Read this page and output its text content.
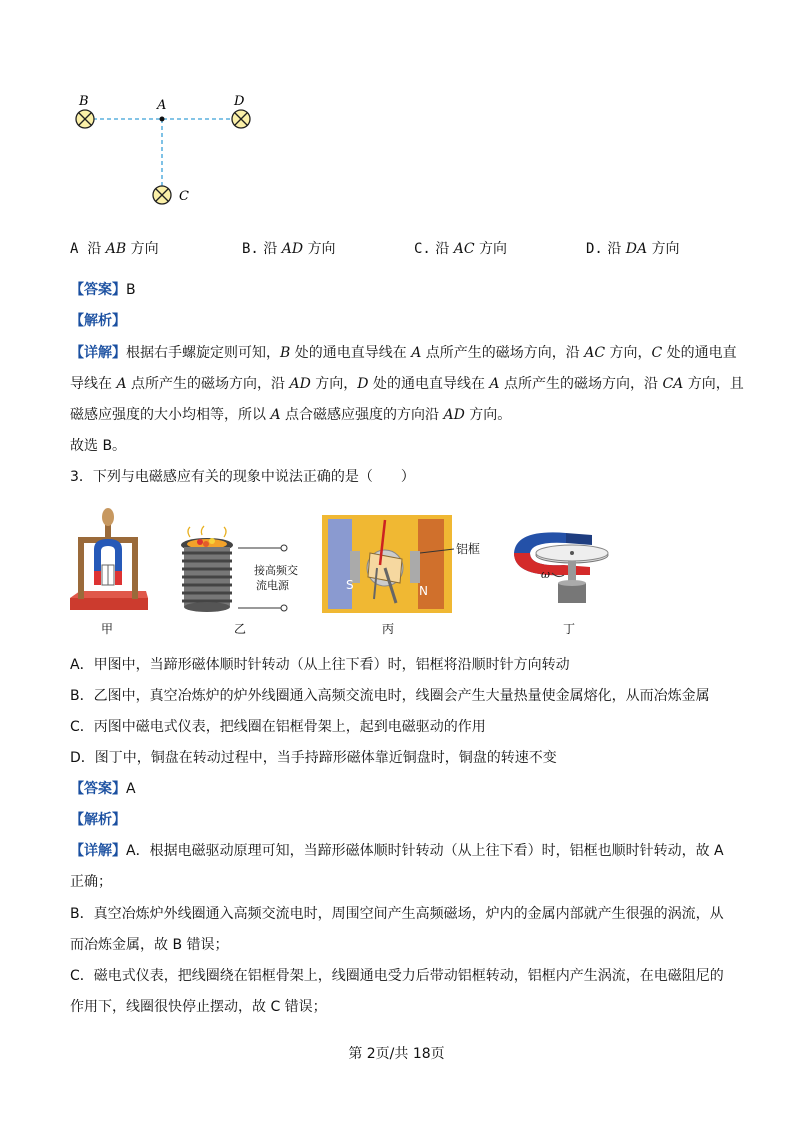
B	A	D
C
A 沿 AB 方向	B. 沿 AD 方向	C. 沿 AC 方向	D. 沿 DA 方向
【答案】B
【解析】
【详解】根据右手螺旋定则可知，B 处的通电直导线在 A 点所产生的磁场方向，沿 AC 方向，C 处的通电直
导线在 A 点所产生的磁场方向，沿 AD 方向，D 处的通电直导线在 A 点所产生的磁场方向，沿 CA 方向，且
磁感应强度的大小均相等，所以 A 点合磁感应强度的方向沿 AD 方向。
故选 B。
3．下列与电磁感应有关的现象中说法正确的是（　　）
甲
接高频交
流电源
乙
S	N
铝框
丙
ω
丁
A．甲图中，当蹄形磁体顺时针转动（从上往下看）时，铝框将沿顺时针方向转动
B．乙图中，真空冶炼炉的炉外线圈通入高频交流电时，线圈会产生大量热量使金属熔化，从而冶炼金属
C．丙图中磁电式仪表，把线圈在铝框骨架上，起到电磁驱动的作用
D．图丁中，铜盘在转动过程中，当手持蹄形磁体靠近铜盘时，铜盘的转速不变
【答案】A
【解析】
【详解】A．根据电磁驱动原理可知，当蹄形磁体顺时针转动（从上往下看）时，铝框也顺时针转动，故 A
正确；
B．真空冶炼炉外线圈通入高频交流电时，周围空间产生高频磁场，炉内的金属内部就产生很强的涡流，从
而冶炼金属，故 B 错误；
C．磁电式仪表，把线圈绕在铝框骨架上，线圈通电受力后带动铝框转动，铝框内产生涡流，在电磁阻尼的
作用下，线圈很快停止摆动，故 C 错误；
第 2页/共 18页
